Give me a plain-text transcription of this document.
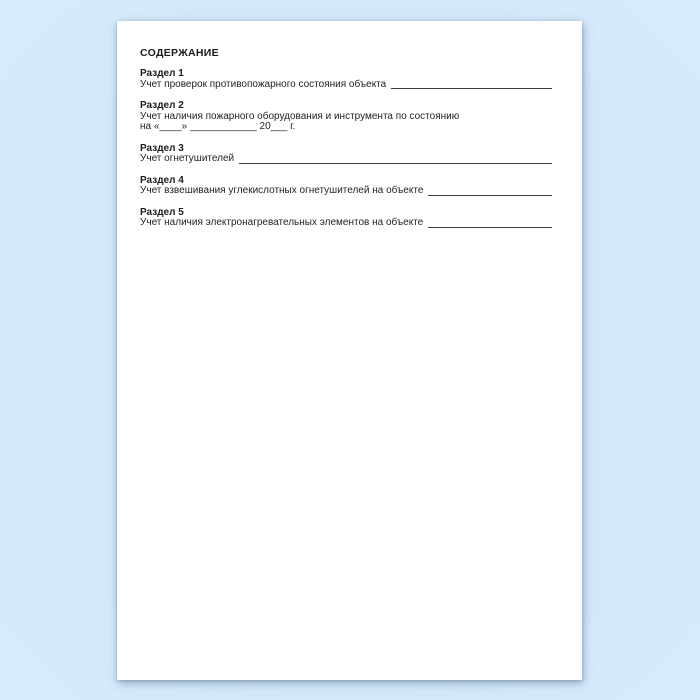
СОДЕРЖАНИЕ
Раздел 1
Учет проверок противопожарного состояния объекта
Раздел 2
Учет наличия пожарного оборудования и инструмента по состоянию
на «____» ____________ 20___ г.
Раздел 3
Учет огнетушителей
Раздел 4
Учет взвешивания углекислотных огнетушителей на объекте
Раздел 5
Учет наличия электронагревательных элементов на объекте
